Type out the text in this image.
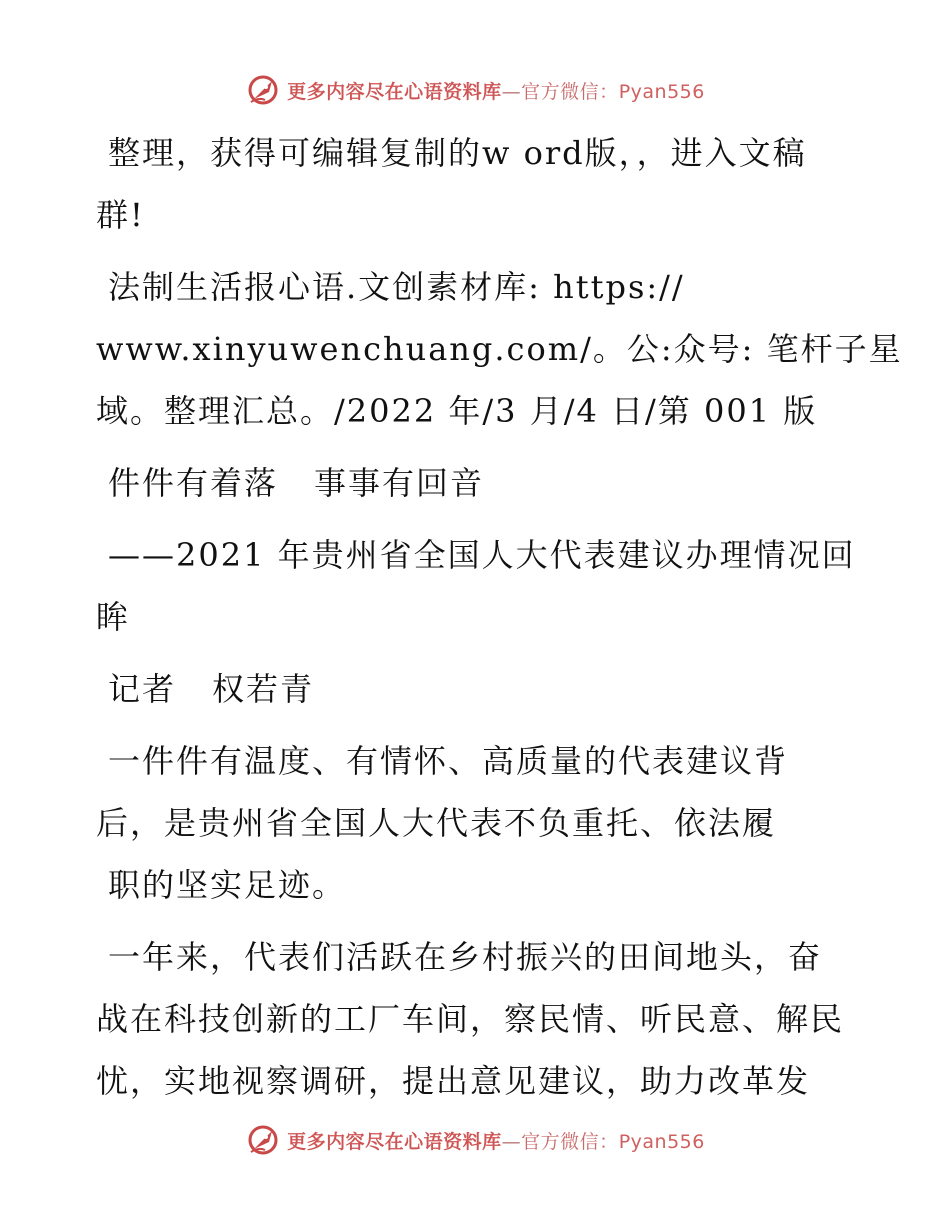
更多内容尽在心语资料库—官方微信：Pyan556
整理，获得可编辑复制的w ord版，，进入文稿
群!
法制生活报心语.文创素材库: https://
www.xinyuwenchuang.com/。公:众号: 笔杆子星
域。整理汇总。/2022 年/3 月/4 日/第 001 版
件件有着落 事事有回音
——2021 年贵州省全国人大代表建议办理情况回
眸
记者 权若青
一件件有温度、有情怀、高质量的代表建议背
后，是贵州省全国人大代表不负重托、依法履
职的坚实足迹。
一年来，代表们活跃在乡村振兴的田间地头，奋
战在科技创新的工厂车间，察民情、听民意、解民
忧，实地视察调研，提出意见建议，助力改革发
更多内容尽在心语资料库—官方微信：Pyan556
